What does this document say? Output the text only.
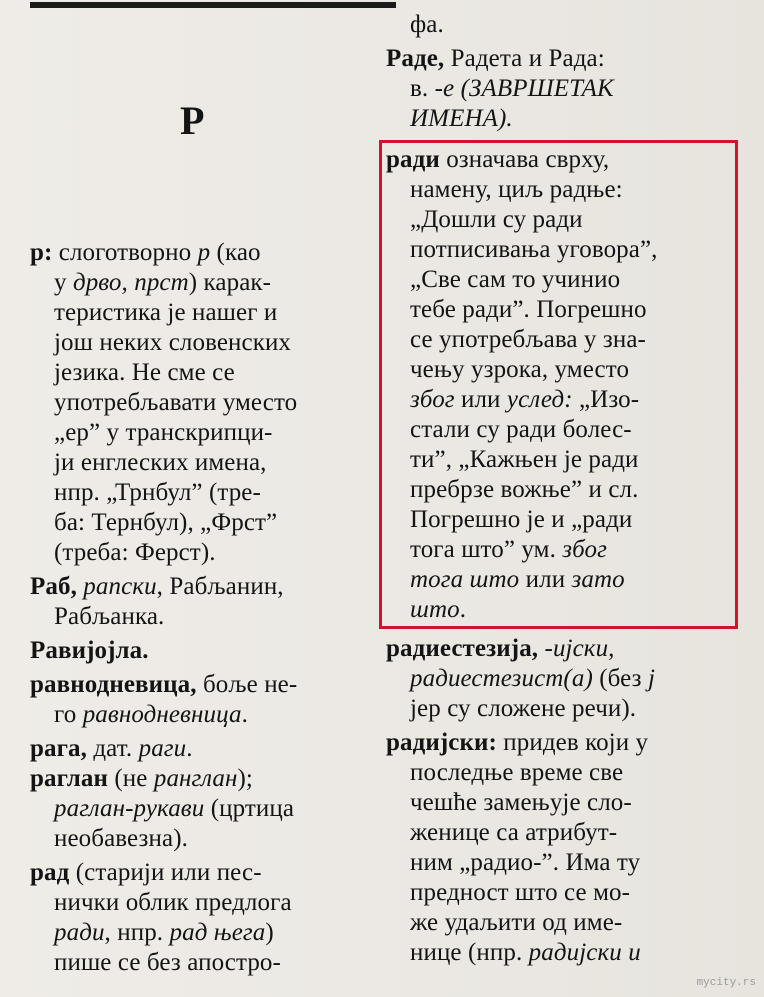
Р
р: слоготворно р (као
у дрво, прст) карак-
теристика је нашег и
још неких словенских
језика. Не сме се
употребљавати уместо
„ер” у транскрипци-
ји енглеских имена,
нпр. „Трнбул” (тре-
ба: Тернбул), „Фрст”
(треба: Ферст).
Раб, рапски, Рабљанин,
Рабљанка.
Равијојла.
равнодневица, боље не-
го равнодневница.
рага, дат. раги.
раглан (не ранглан);
раглан-рукави (цртица
необавезна).
рад (старији или пес-
нички облик предлога
ради, нпр. рад њега)
пише се без апостро-
фа.
Раде, Радета и Рада:
в. -е (ЗАВРШЕТАК
ИМЕНА).
ради означава сврху,
намену, циљ радње:
„Дошли су ради
потписивања уговора”,
„Све сам то учинио
тебе ради”. Погрешно
се употребљава у зна-
чењу узрока, уместо
због или услед: „Изо-
стали су ради болес-
ти”, „Кажњен је ради
пребрзе вожње” и сл.
Погрешно је и „ради
тога што” ум. због
тога што или зато
што.
радиестезија, -ијски,
радиестезист(а) (без ј
јер су сложене речи).
радијски: придев који у
последње време све
чешће замењује сло-
женице са атрибут-
ним „радио-”. Има ту
предност што се мо-
же удаљити од име-
нице (нпр. радијски и
mycity.rs
